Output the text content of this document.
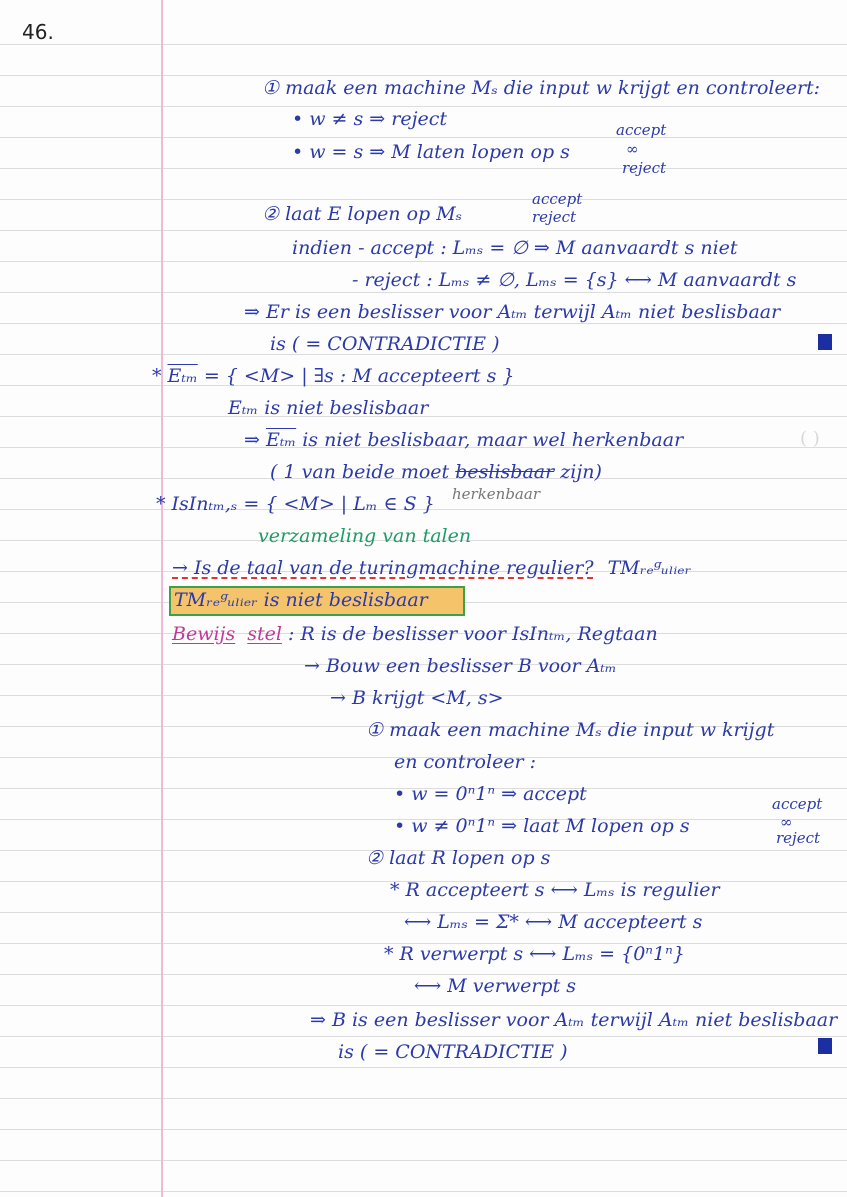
46.
① maak een machine Mₛ die input w krijgt en controleert:
• w ≠ s ⇒ reject
• w = s ⇒ M laten lopen op s
accept
∞
reject
② laat E lopen op Mₛ
accept
reject
indien - accept : Lₘₛ = ∅ ⇒ M aanvaardt s niet
- reject : Lₘₛ ≠ ∅, Lₘₛ = {s} ⟷ M aanvaardt s
⇒ Er is een beslisser voor Aₜₘ terwijl Aₜₘ niet beslisbaar
is ( = CONTRADICTIE )
* $\overline{E_{tm}}$ = { <M> | ∃s : M accepteert s }
Eₜₘ is niet beslisbaar
⇒ $\overline{E_{tm}}$ is niet beslisbaar, maar wel herkenbaar
( 1 van beide moet beslisbaar zijn)
herkenbaar
* IsInₜₘ,ₛ = { <M> | Lₘ ∈ S }
verzameling van talen
→ Is de taal van de turingmachine regulier? TMᵣₑᵍᵤₗᵢₑᵣ
TMᵣₑᵍᵤₗᵢₑᵣ is niet beslisbaar
Bewijs stel : R is de beslisser voor IsInₜₘ, Regtaan
→ Bouw een beslisser B voor Aₜₘ
→ B krijgt <M, s>
① maak een machine Mₛ die input w krijgt
en controleer :
• w = 0ⁿ1ⁿ ⇒ accept
• w ≠ 0ⁿ1ⁿ ⇒ laat M lopen op s
accept
∞
reject
② laat R lopen op s
* R accepteert s ⟷ Lₘₛ is regulier
⟷ Lₘₛ = Σ* ⟷ M accepteert s
* R verwerpt s ⟷ Lₘₛ = {0ⁿ1ⁿ}
⟷ M verwerpt s
⇒ B is een beslisser voor Aₜₘ terwijl Aₜₘ niet beslisbaar
is ( = CONTRADICTIE )
( )
